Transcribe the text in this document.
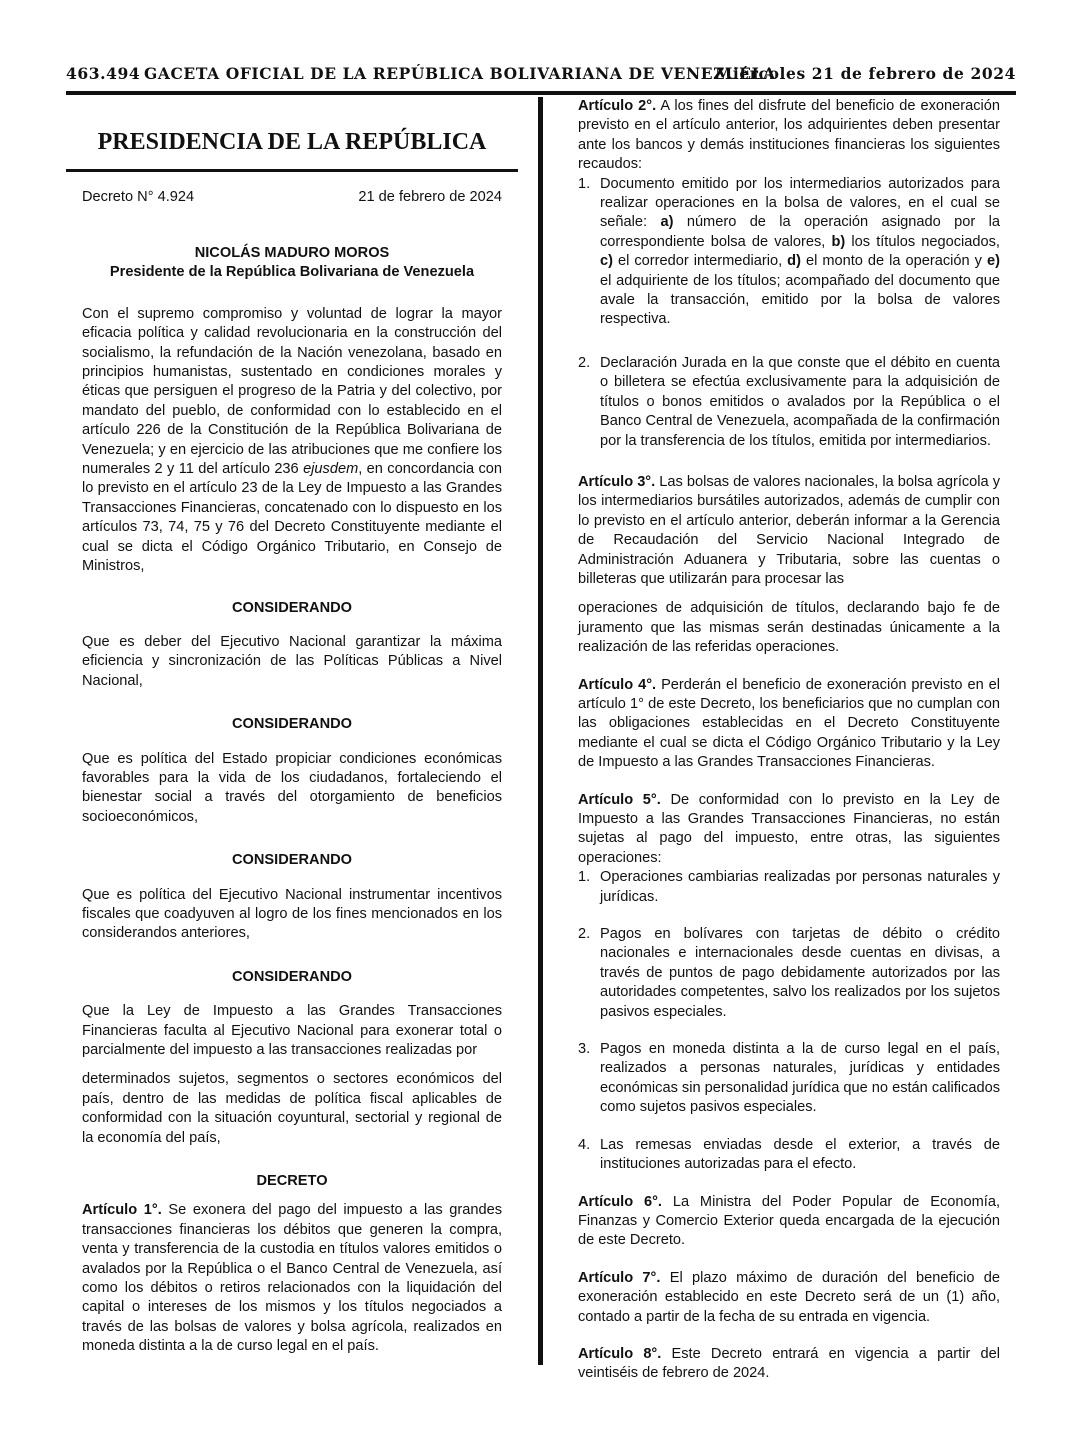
463.494 GACETA OFICIAL DE LA REPÚBLICA BOLIVARIANA DE VENEZUELA
Miércoles 21 de febrero de 2024
PRESIDENCIA DE LA REPÚBLICA
Decreto N° 4.924	21 de febrero de 2024

NICOLÁS MADURO MOROS

Presidente de la República Bolivariana de Venezuela

Con el supremo compromiso y voluntad de lograr la mayor eficacia política y calidad revolucionaria en la construcción del socialismo, la refundación de la Nación venezolana, basado en principios humanistas, sustentado en condiciones morales y éticas que persiguen el progreso de la Patria y del colectivo, por mandato del pueblo, de conformidad con lo establecido en el artículo 226 de la Constitución de la República Bolivariana de Venezuela; y en ejercicio de las atribuciones que me confiere los numerales 2 y 11 del artículo 236 ejusdem, en concordancia con lo previsto en el artículo 23 de la Ley de Impuesto a las Grandes Transacciones Financieras, concatenado con lo dispuesto en los artículos 73, 74, 75 y 76 del Decreto Constituyente mediante el cual se dicta el Código Orgánico Tributario, en Consejo de Ministros,

CONSIDERANDO

Que es deber del Ejecutivo Nacional garantizar la máxima eficiencia y sincronización de las Políticas Públicas a Nivel Nacional,

CONSIDERANDO

Que es política del Estado propiciar condiciones económicas favorables para la vida de los ciudadanos, fortaleciendo el bienestar social a través del otorgamiento de beneficios socioeconómicos,

CONSIDERANDO

Que es política del Ejecutivo Nacional instrumentar incentivos fiscales que coadyuven al logro de los fines mencionados en los considerandos anteriores,

CONSIDERANDO

Que la Ley de Impuesto a las Grandes Transacciones Financieras faculta al Ejecutivo Nacional para exonerar total o parcialmente del impuesto a las transacciones realizadas por

determinados sujetos, segmentos o sectores económicos del país, dentro de las medidas de política fiscal aplicables de conformidad con la situación coyuntural, sectorial y regional de la economía del país,

DECRETO

Artículo 1°. Se exonera del pago del impuesto a las grandes transacciones financieras los débitos que generen la compra, venta y transferencia de la custodia en títulos valores emitidos o avalados por la República o el Banco Central de Venezuela, así como los débitos o retiros relacionados con la liquidación del capital o intereses de los mismos y los títulos negociados a través de las bolsas de valores y bolsa agrícola, realizados en moneda distinta a la de curso legal en el país.

Artículo 2°. A los fines del disfrute del beneficio de exoneración previsto en el artículo anterior, los adquirientes deben presentar ante los bancos y demás instituciones financieras los siguientes recaudos:

1. Documento emitido por los intermediarios autorizados para realizar operaciones en la bolsa de valores, en el cual se señale: a) número de la operación asignado por la correspondiente bolsa de valores, b) los títulos negociados, c) el corredor intermediario, d) el monto de la operación y e) el adquiriente de los títulos; acompañado del documento que avale la transacción, emitido por la bolsa de valores respectiva.
2. Declaración Jurada en la que conste que el débito en cuenta o billetera se efectúa exclusivamente para la adquisición de títulos o bonos emitidos o avalados por la República o el Banco Central de Venezuela, acompañada de la confirmación por la transferencia de los títulos, emitida por intermediarios.

Artículo 3°. Las bolsas de valores nacionales, la bolsa agrícola y los intermediarios bursátiles autorizados, además de cumplir con lo previsto en el artículo anterior, deberán informar a la Gerencia de Recaudación del Servicio Nacional Integrado de Administración Aduanera y Tributaria, sobre las cuentas o billeteras que utilizarán para procesar las

operaciones de adquisición de títulos, declarando bajo fe de juramento que las mismas serán destinadas únicamente a la realización de las referidas operaciones.

Artículo 4°. Perderán el beneficio de exoneración previsto en el artículo 1° de este Decreto, los beneficiarios que no cumplan con las obligaciones establecidas en el Decreto Constituyente mediante el cual se dicta el Código Orgánico Tributario y la Ley de Impuesto a las Grandes Transacciones Financieras.

Artículo 5°. De conformidad con lo previsto en la Ley de Impuesto a las Grandes Transacciones Financieras, no están sujetas al pago del impuesto, entre otras, las siguientes operaciones:

1. Operaciones cambiarias realizadas por personas naturales y jurídicas.
2. Pagos en bolívares con tarjetas de débito o crédito nacionales e internacionales desde cuentas en divisas, a través de puntos de pago debidamente autorizados por las autoridades competentes, salvo los realizados por los sujetos pasivos especiales.
3. Pagos en moneda distinta a la de curso legal en el país, realizados a personas naturales, jurídicas y entidades económicas sin personalidad jurídica que no están calificados como sujetos pasivos especiales.
4. Las remesas enviadas desde el exterior, a través de instituciones autorizadas para el efecto.

Artículo 6°. La Ministra del Poder Popular de Economía, Finanzas y Comercio Exterior queda encargada de la ejecución de este Decreto.

Artículo 7°. El plazo máximo de duración del beneficio de exoneración establecido en este Decreto será de un (1) año, contado a partir de la fecha de su entrada en vigencia.

Artículo 8°. Este Decreto entrará en vigencia a partir del veintiséis de febrero de 2024.
